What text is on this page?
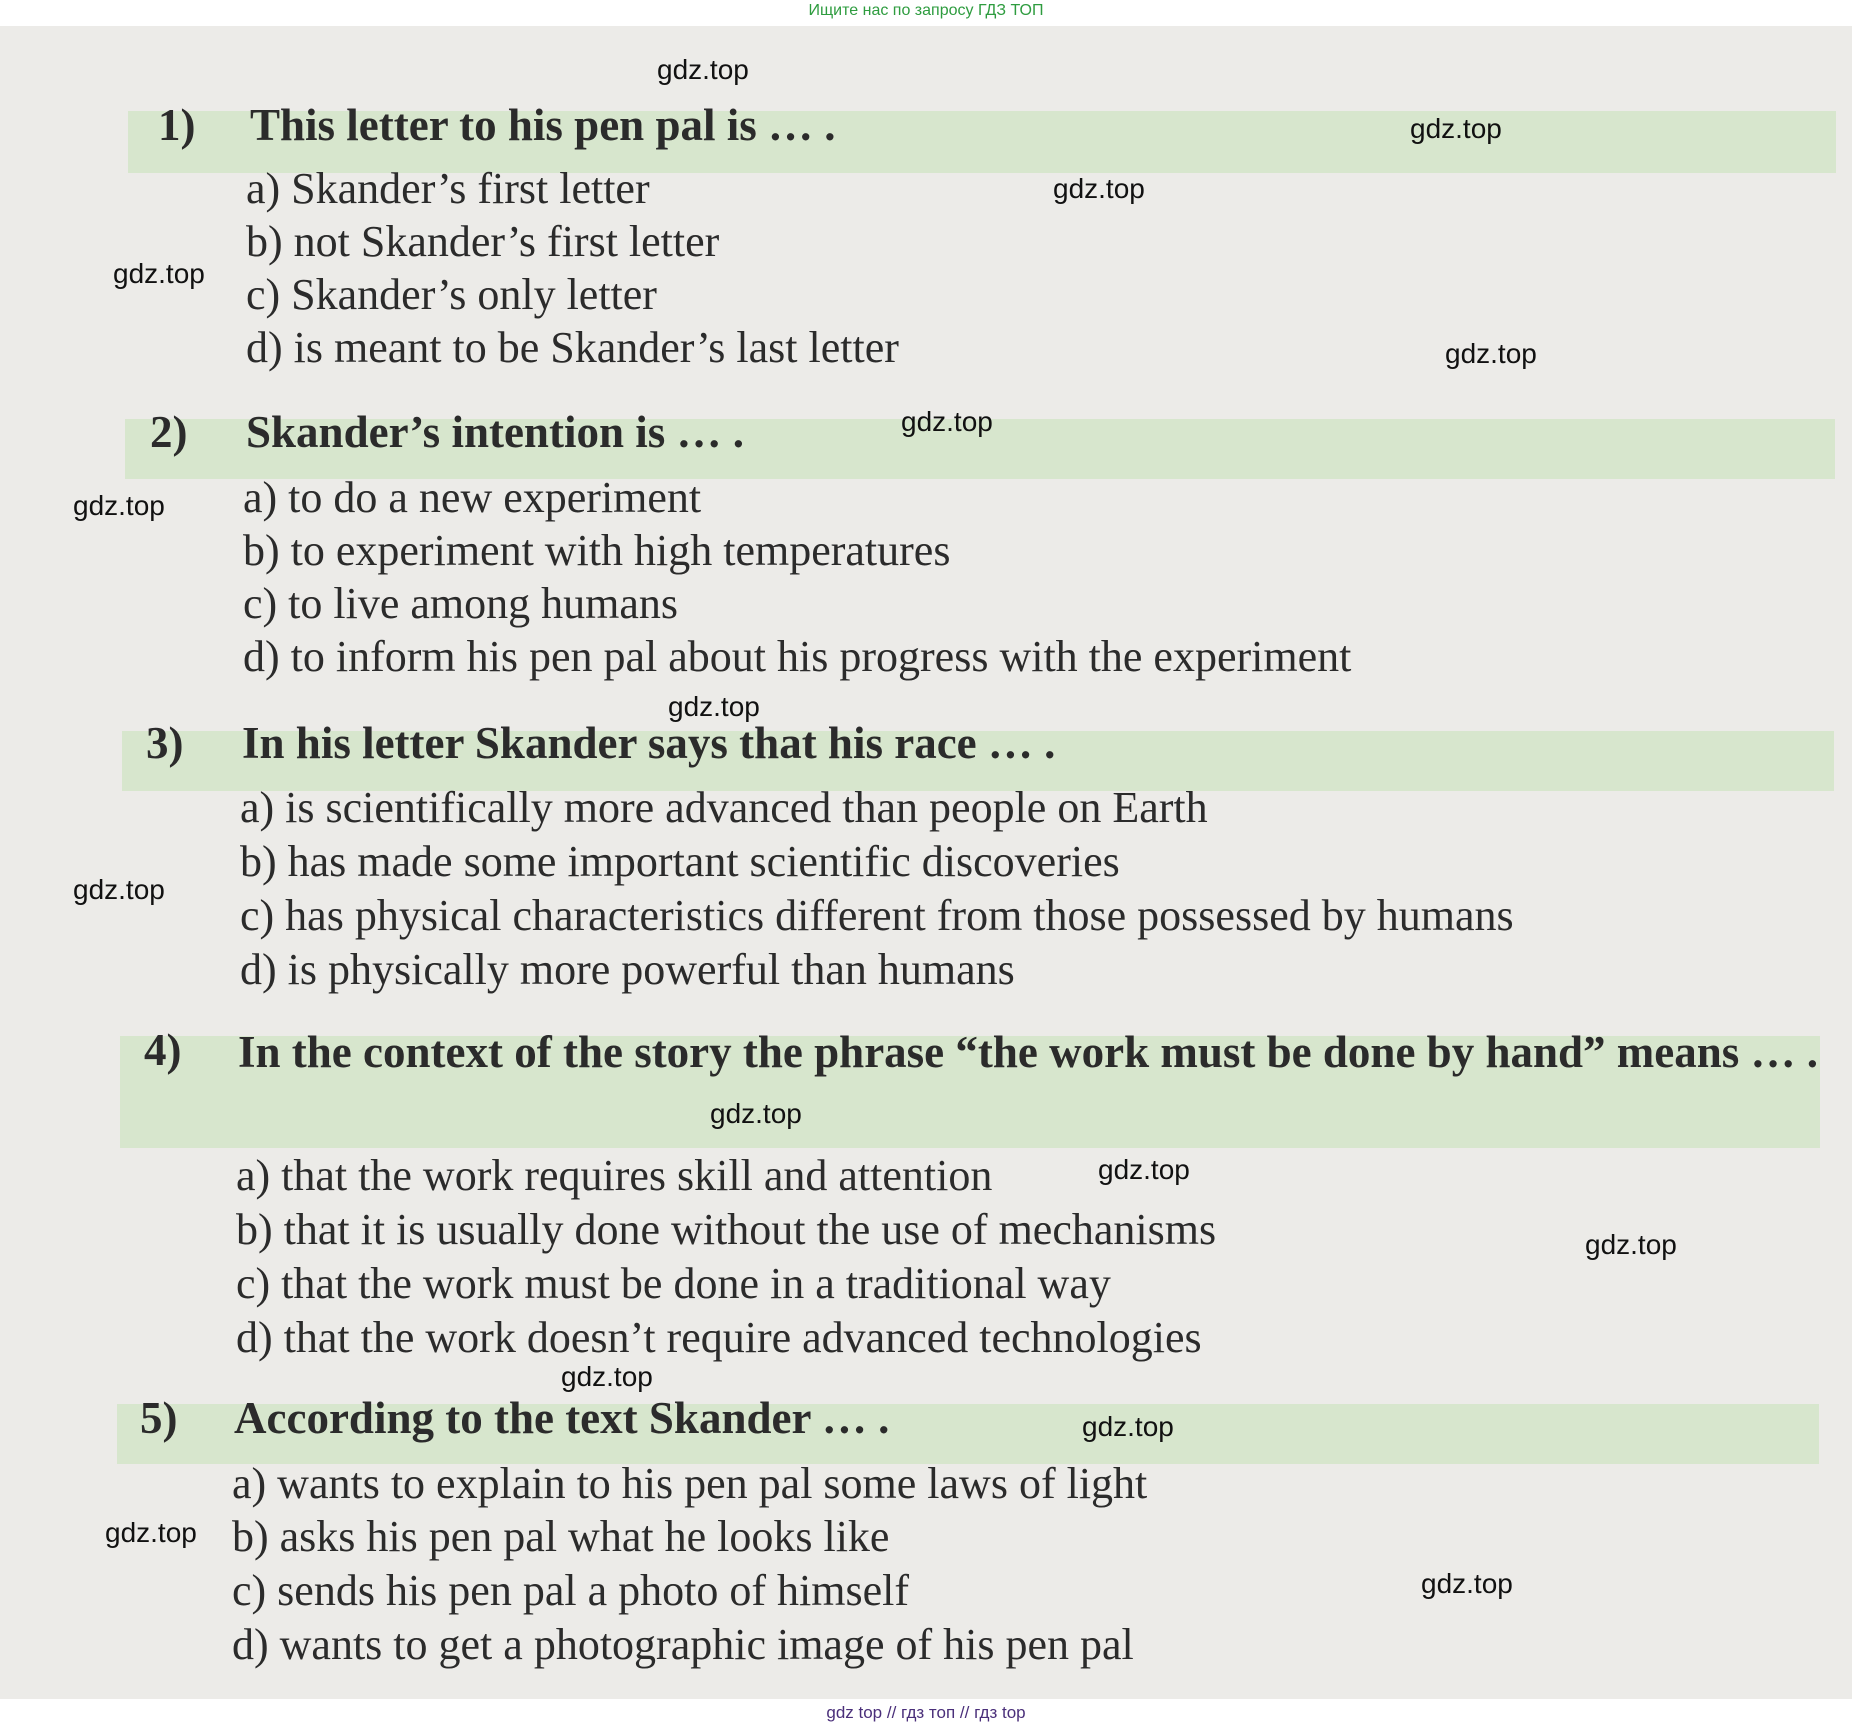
Ищите нас по запросу ГДЗ ТОП
1) This letter to his pen pal is … .
a) Skander’s first letter
b) not Skander’s first letter
c) Skander’s only letter
d) is meant to be Skander’s last letter
2) Skander’s intention is … .
a) to do a new experiment
b) to experiment with high temperatures
c) to live among humans
d) to inform his pen pal about his progress with the experiment
3) In his letter Skander says that his race … .
a) is scientifically more advanced than people on Earth
b) has made some important scientific discoveries
c) has physical characteristics different from those possessed by humans
d) is physically more powerful than humans
4) In the context of the story the phrase “the work must be done by hand” means … .
a) that the work requires skill and attention
b) that it is usually done without the use of mechanisms
c) that the work must be done in a traditional way
d) that the work doesn’t require advanced technologies
5) According to the text Skander … .
a) wants to explain to his pen pal some laws of light
b) asks his pen pal what he looks like
c) sends his pen pal a photo of himself
d) wants to get a photographic image of his pen pal
gdz.top
gdz.top
gdz.top
gdz.top
gdz.top
gdz.top
gdz.top
gdz.top
gdz.top
gdz.top
gdz.top
gdz.top
gdz.top
gdz.top
gdz.top
gdz.top
gdz top // гдз топ // гдз top
